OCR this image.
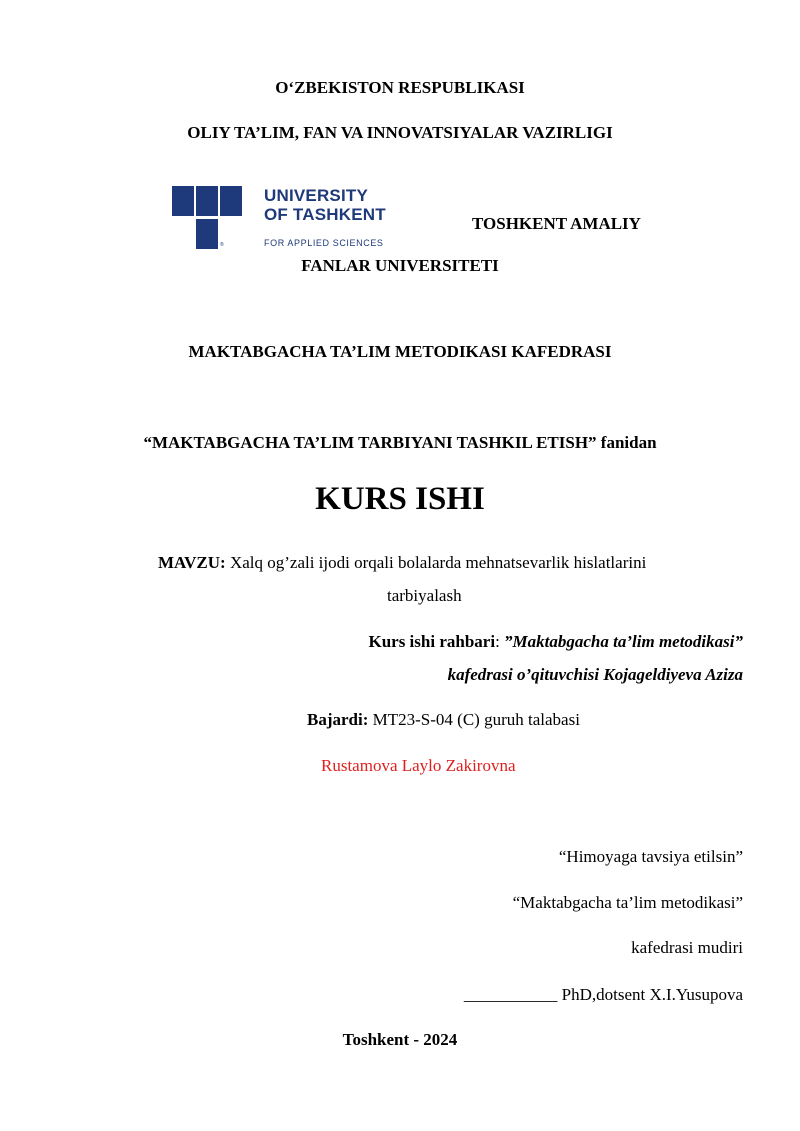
O‘ZBEKISTON RESPUBLIKASI
OLIY TA’LIM, FAN VA INNOVATSIYALAR VAZIRLIGI
®
UNIVERSITY
OF TASHKENT
FOR APPLIED SCIENCES
TOSHKENT AMALIY
FANLAR UNIVERSITETI
MAKTABGACHA TA’LIM METODIKASI KAFEDRASI
“MAKTABGACHA TA’LIM TARBIYANI TASHKIL ETISH” fanidan
KURS ISHI
MAVZU: Xalq og’zali ijodi orqali bolalarda mehnatsevarlik hislatlarini
tarbiyalash
Kurs ishi rahbari: ”Maktabgacha ta’lim metodikasi”
kafedrasi o’qituvchisi Kojageldiyeva Aziza
Bajardi: MT23-S-04 (C) guruh talabasi
Rustamova Laylo Zakirovna
“Himoyaga tavsiya etilsin”
“Maktabgacha ta’lim metodikasi”
kafedrasi mudiri
___________ PhD,dotsent X.I.Yusupova
Toshkent - 2024
